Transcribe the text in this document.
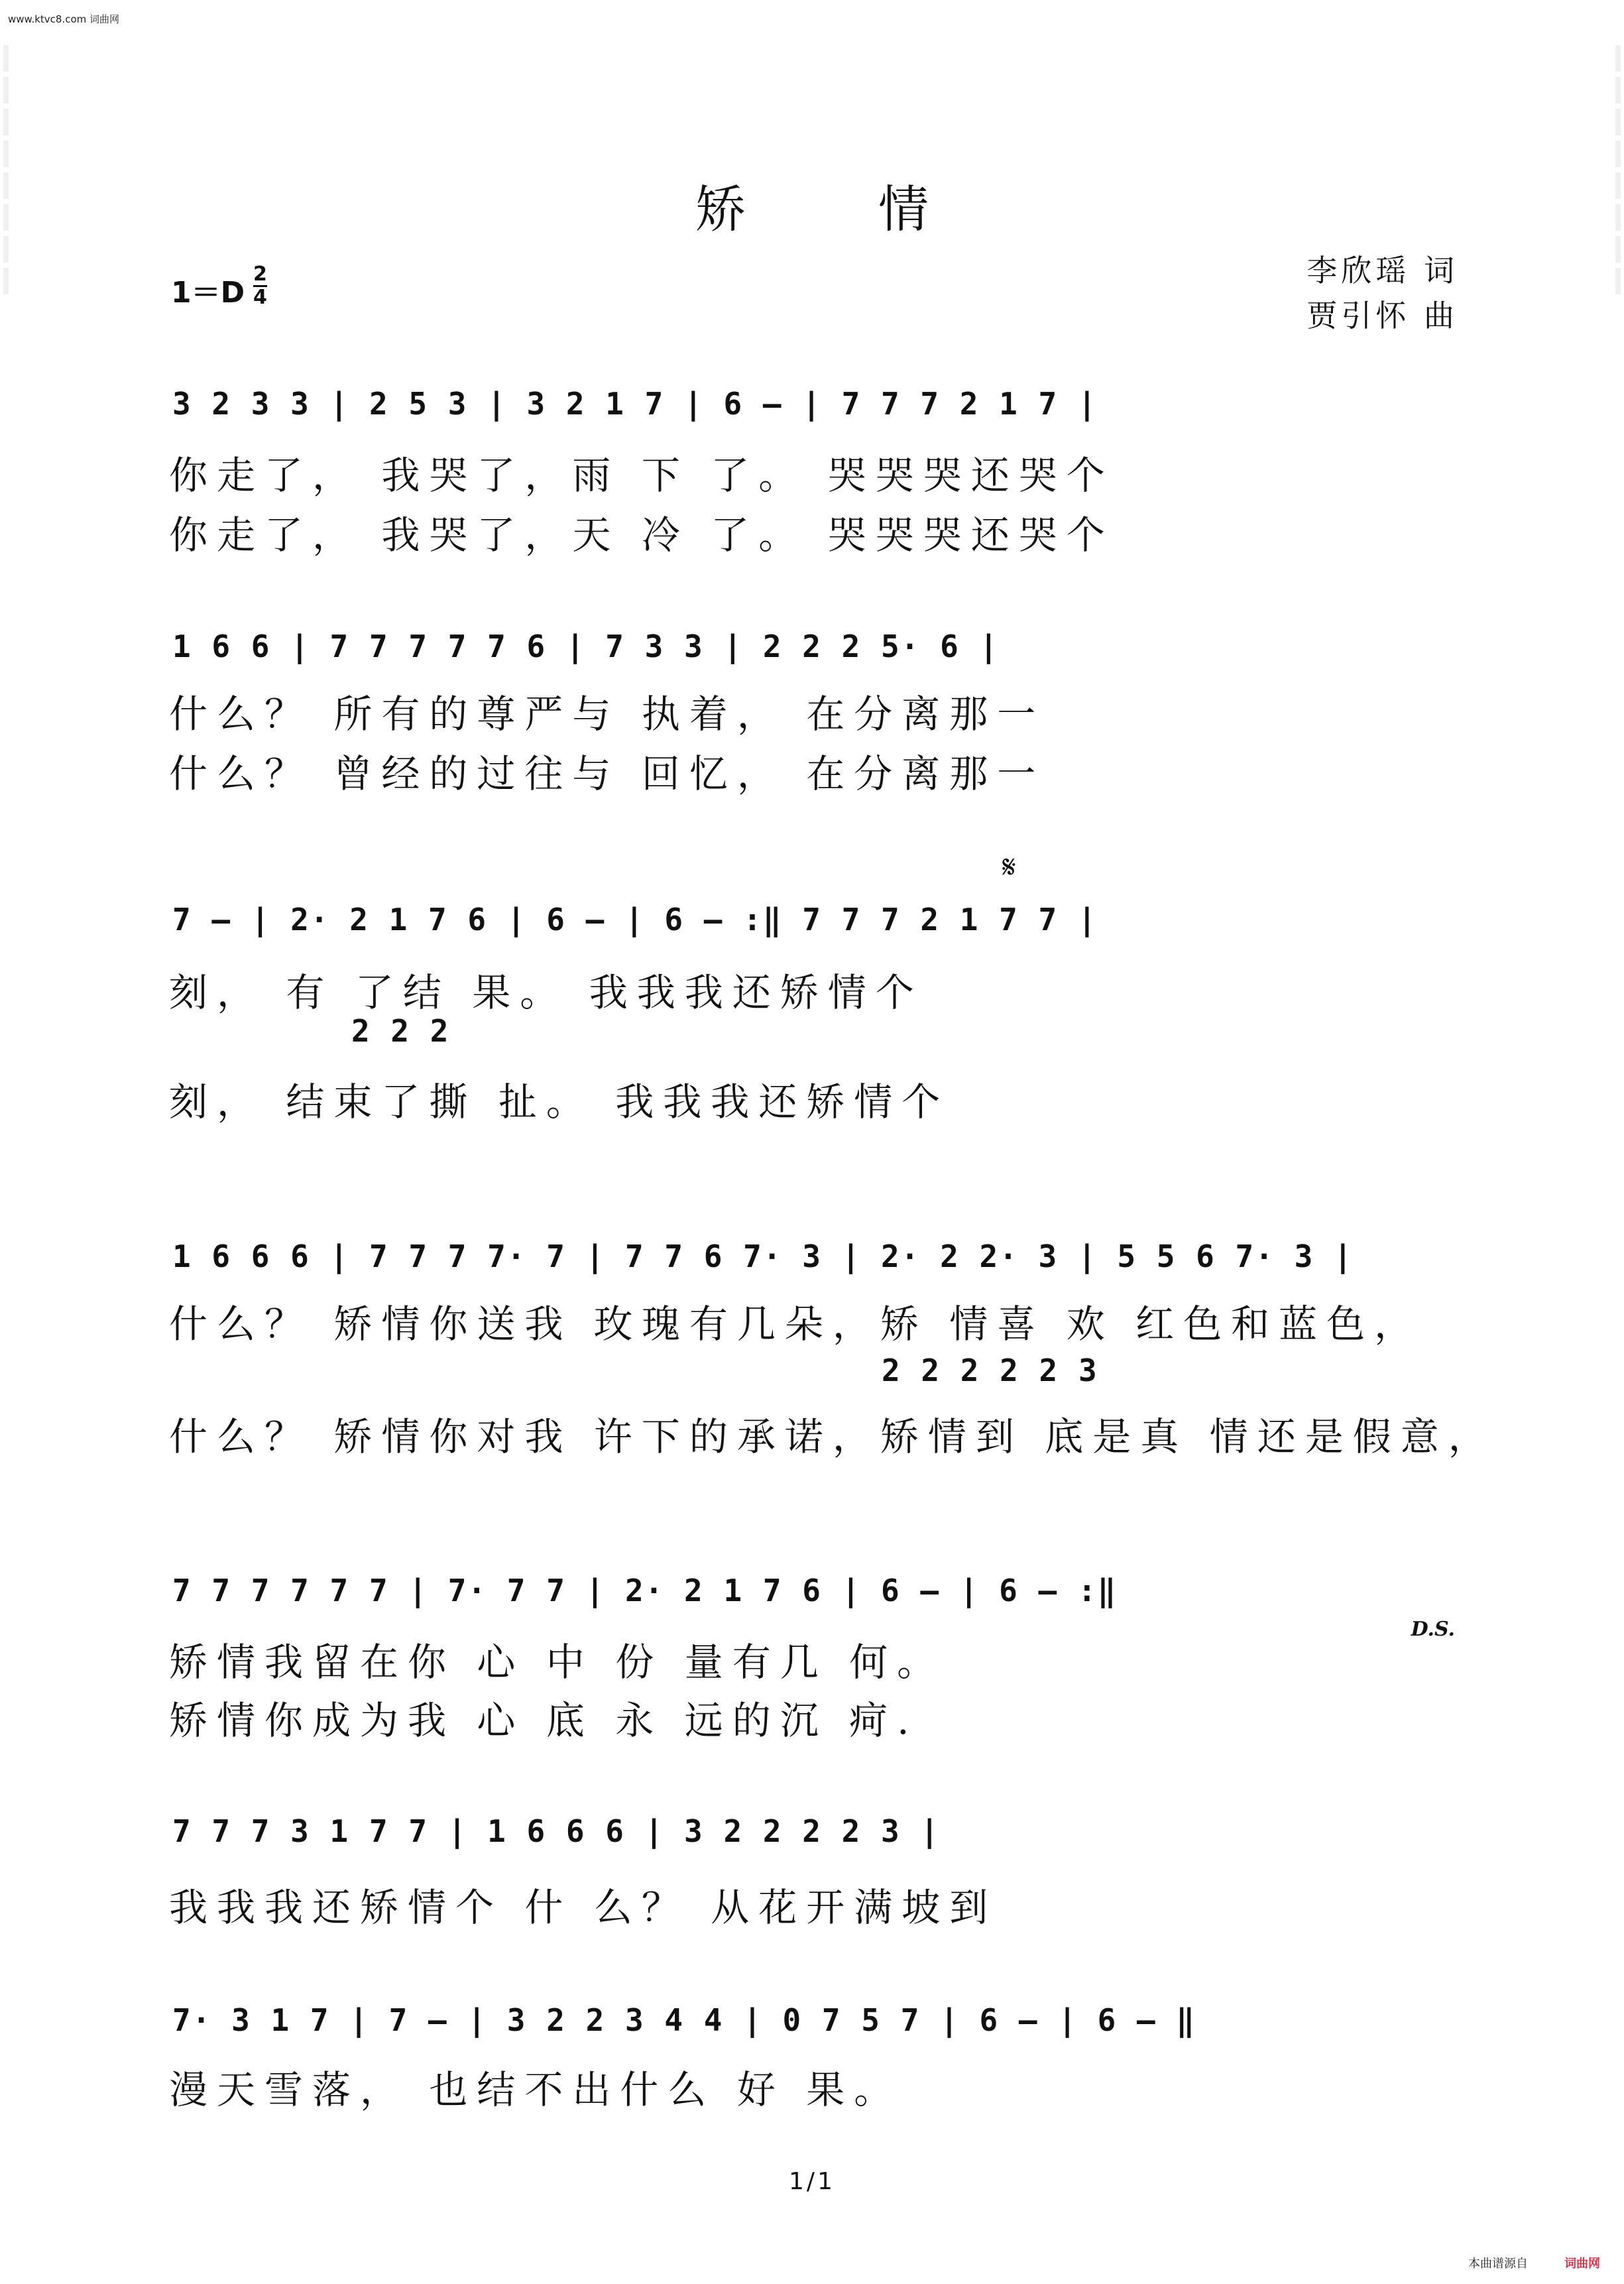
www.ktvc8.com 词曲网
矫情
$1=D \frac{2}{4}$	李欣瑶 词
贾引怀 曲
3 2 3 3 | 2 5 3 | 3 2 1 7 | 6 – | 7 7 7 2 1 7 |
你走了， 我哭了，雨 下 了。 哭哭哭还哭个
你走了， 我哭了，天 冷 了。 哭哭哭还哭个
1 6 6 | 7 7 7 7 7 6 | 7 3 3 | 2 2 2 5· 6 |
什么？ 所有的尊严与 执着， 在分离那一
什么？ 曾经的过往与 回忆， 在分离那一
𝄋
7 – | 2· 2 1 7 6 | 6 – | 6 – :‖ 7 7 7 2 1 7 7 |
刻， 有 了结 果。 我我我还矫情个
2 2 2
刻， 结束了撕 扯。 我我我还矫情个
1 6 6 6 | 7 7 7 7· 7 | 7 7 6 7· 3 | 2· 2 2· 3 | 5 5 6 7· 3 |
什么？ 矫情你送我 玫瑰有几朵，矫 情喜 欢 红色和蓝色，
2 2 2 2 2 3
什么？ 矫情你对我 许下的承诺，矫情到 底是真 情还是假意，
7 7 7 7 7 7 | 7· 7 7 | 2· 2 1 7 6 | 6 – | 6 – :‖
D.S.
矫情我留在你 心 中 份 量有几 何。
矫情你成为我 心 底 永 远的沉 疴.
7 7 7 3 1 7 7 | 1 6 6 6 | 3 2 2 2 2 3 |
我我我还矫情个 什 么？ 从花开满坡到
7· 3 1 7 | 7 – | 3 2 2 3 4 4 | 0 7 5 7 | 6 – | 6 – ‖
漫天雪落， 也结不出什么 好 果。
1/1
本曲谱源自	词曲网
